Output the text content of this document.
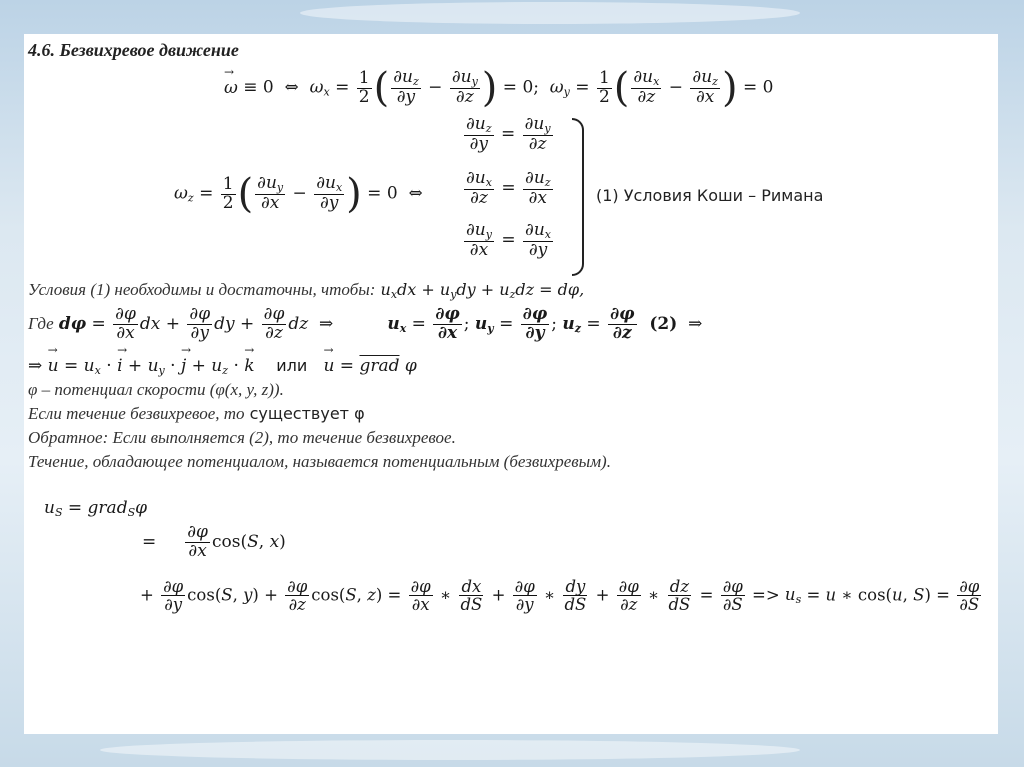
4.6. Безвихревое движение
→ ω ≡ 0  ⇔  $\omega_x = \frac{1}{2}$ ( $\frac{\partial u_z}{\partial y} - \frac{\partial u_y}{\partial z}$ ) = 0;  $\omega_y = \frac{1}{2}$ ( $\frac{\partial u_x}{\partial z} - \frac{\partial u_z}{\partial x}$ ) = 0
$\frac{\partial u_z}{\partial y} = \frac{\partial u_y}{\partial z}$
$\frac{\partial u_x}{\partial z} = \frac{\partial u_z}{\partial x}$
$\frac{\partial u_y}{\partial x} = \frac{\partial u_x}{\partial y}$
$\omega_z = \frac{1}{2}$ ( $\frac{\partial u_y}{\partial x} - \frac{\partial u_x}{\partial y}$ ) = 0  ⇔	(1) Условия Коши – Римана
Условия (1) необходимы и достаточны, чтобы: $u_xdx + u_ydy + u_zdz = d\varphi$,
Где $d\varphi = \frac{\partial\varphi}{\partial x}$ dx + $\frac{\partial\varphi}{\partial y}$ dy + $\frac{\partial\varphi}{\partial z}$ dz  ⇒          $u_x = \frac{\partial\varphi}{\partial x}$ ; $u_y = \frac{\partial\varphi}{\partial y}$ ; $u_z = \frac{\partial\varphi}{\partial z} (2)$  ⇒
⇒ → $u = u_x$ · → $i + u_y$ · → $j + u_z$ · → k или → u = grad φ
φ – потенциал скорости (φ(x, y, z)).
Если течение безвихревое, то существует φ
Обратное: Если выполняется (2), то течение безвихревое.
Течение, обладающее потенциалом, называется потенциальным (безвихревым).
$u_S$ = grad$_S$φ
= $\frac{\partial\varphi}{\partial x} \cos(S$, x)
+ $\frac{\partial\varphi}{\partial y} \cos(S$, $y) + \frac{\partial\varphi}{\partial z} \cos(S$, $z) = \frac{\partial\varphi}{\partial x}$ ∗ $\frac{dx}{dS} + \frac{\partial\varphi}{\partial y}$ ∗ $\frac{dy}{dS} + \frac{\partial\varphi}{\partial z}$ ∗ $\frac{dz}{dS} = \frac{\partial\varphi}{\partial S} => u_s = u$ ∗ cos(u, $S) = \frac{\partial\varphi}{\partial S}$
